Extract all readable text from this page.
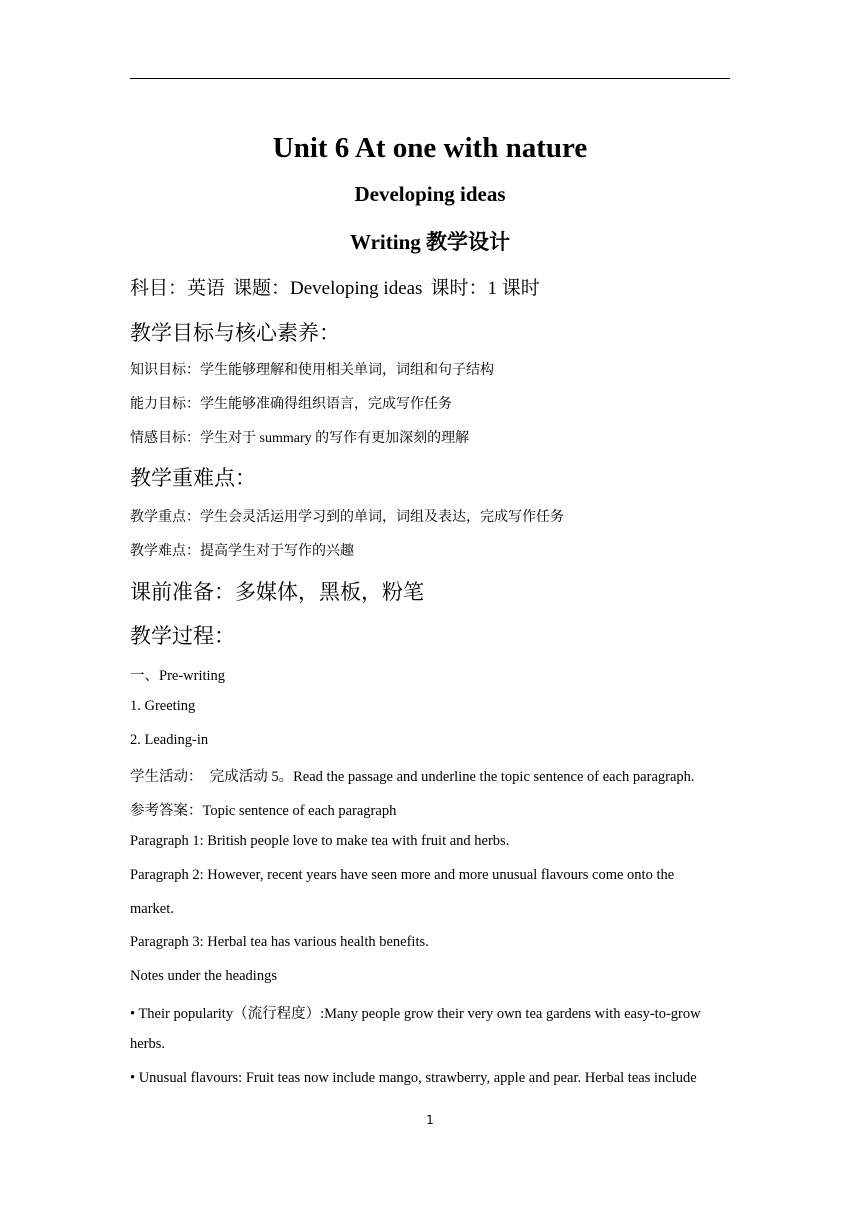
Unit 6 At one with nature
Developing ideas
Writing 教学设计
科目：英语 课题：Developing ideas 课时：1 课时
教学目标与核心素养：
知识目标：学生能够理解和使用相关单词，词组和句子结构
能力目标：学生能够准确得组织语言，完成写作任务
情感目标：学生对于 summary 的写作有更加深刻的理解
教学重难点：
教学重点：学生会灵活运用学习到的单词，词组及表达，完成写作任务
教学难点：提高学生对于写作的兴趣
课前准备：多媒体，黑板，粉笔
教学过程：
一、Pre-writing
1. Greeting
2. Leading-in
学生活动：　完成活动 5。Read the passage and underline the topic sentence of each paragraph.
参考答案：Topic sentence of each paragraph
Paragraph 1: British people love to make tea with fruit and herbs.
Paragraph 2: However, recent years have seen more and more unusual flavours come onto the
market.
Paragraph 3: Herbal tea has various health benefits.
Notes under the headings
• Their popularity（流行程度）:Many people grow their very own tea gardens with easy-to-grow
herbs.
• Unusual flavours: Fruit teas now include mango, strawberry, apple and pear. Herbal teas include
1
